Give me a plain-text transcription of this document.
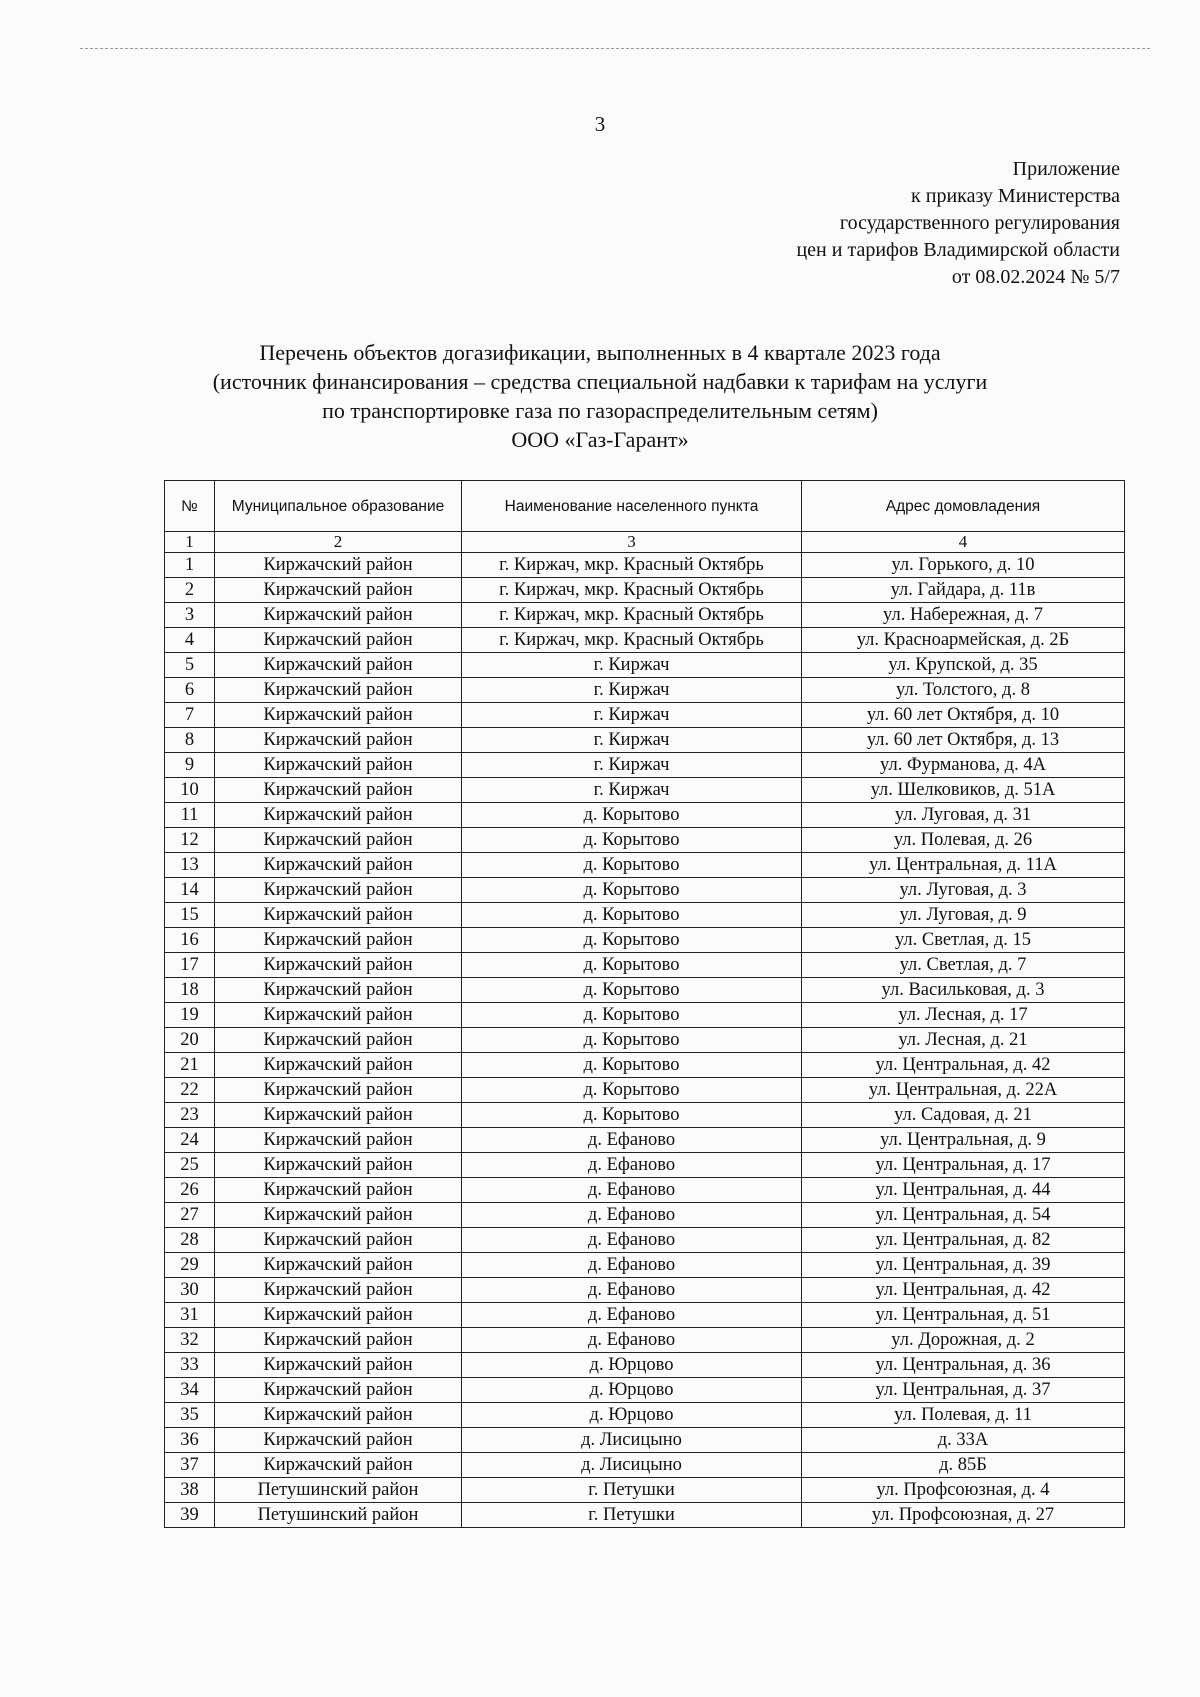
3
Приложение
к приказу Министерства
государственного регулирования
цен и тарифов Владимирской области
от 08.02.2024 № 5/7
Перечень объектов догазификации, выполненных в 4 квартале 2023 года
(источник финансирования – средства специальной надбавки к тарифам на услуги
по транспортировке газа по газораспределительным сетям)
ООО «Газ-Гарант»
№	Муниципальное образование	Наименование населенного пункта	Адрес домовладения
1	2	3	4
1	Киржачский район	г. Киржач, мкр. Красный Октябрь	ул. Горького, д. 10
2	Киржачский район	г. Киржач, мкр. Красный Октябрь	ул. Гайдара, д. 11в
3	Киржачский район	г. Киржач, мкр. Красный Октябрь	ул. Набережная, д. 7
4	Киржачский район	г. Киржач, мкр. Красный Октябрь	ул. Красноармейская, д. 2Б
5	Киржачский район	г. Киржач	ул. Крупской, д. 35
6	Киржачский район	г. Киржач	ул. Толстого, д. 8
7	Киржачский район	г. Киржач	ул. 60 лет Октября, д. 10
8	Киржачский район	г. Киржач	ул. 60 лет Октября, д. 13
9	Киржачский район	г. Киржач	ул. Фурманова, д. 4А
10	Киржачский район	г. Киржач	ул. Шелковиков, д. 51А
11	Киржачский район	д. Корытово	ул. Луговая, д. 31
12	Киржачский район	д. Корытово	ул. Полевая, д. 26
13	Киржачский район	д. Корытово	ул. Центральная, д. 11А
14	Киржачский район	д. Корытово	ул. Луговая, д. 3
15	Киржачский район	д. Корытово	ул. Луговая, д. 9
16	Киржачский район	д. Корытово	ул. Светлая, д. 15
17	Киржачский район	д. Корытово	ул. Светлая, д. 7
18	Киржачский район	д. Корытово	ул. Васильковая, д. 3
19	Киржачский район	д. Корытово	ул. Лесная, д. 17
20	Киржачский район	д. Корытово	ул. Лесная, д. 21
21	Киржачский район	д. Корытово	ул. Центральная, д. 42
22	Киржачский район	д. Корытово	ул. Центральная, д. 22А
23	Киржачский район	д. Корытово	ул. Садовая, д. 21
24	Киржачский район	д. Ефаново	ул. Центральная, д. 9
25	Киржачский район	д. Ефаново	ул. Центральная, д. 17
26	Киржачский район	д. Ефаново	ул. Центральная, д. 44
27	Киржачский район	д. Ефаново	ул. Центральная, д. 54
28	Киржачский район	д. Ефаново	ул. Центральная, д. 82
29	Киржачский район	д. Ефаново	ул. Центральная, д. 39
30	Киржачский район	д. Ефаново	ул. Центральная, д. 42
31	Киржачский район	д. Ефаново	ул. Центральная, д. 51
32	Киржачский район	д. Ефаново	ул. Дорожная, д. 2
33	Киржачский район	д. Юрцово	ул. Центральная, д. 36
34	Киржачский район	д. Юрцово	ул. Центральная, д. 37
35	Киржачский район	д. Юрцово	ул. Полевая, д. 11
36	Киржачский район	д. Лисицыно	д. 33А
37	Киржачский район	д. Лисицыно	д. 85Б
38	Петушинский район	г. Петушки	ул. Профсоюзная, д. 4
39	Петушинский район	г. Петушки	ул. Профсоюзная, д. 27
